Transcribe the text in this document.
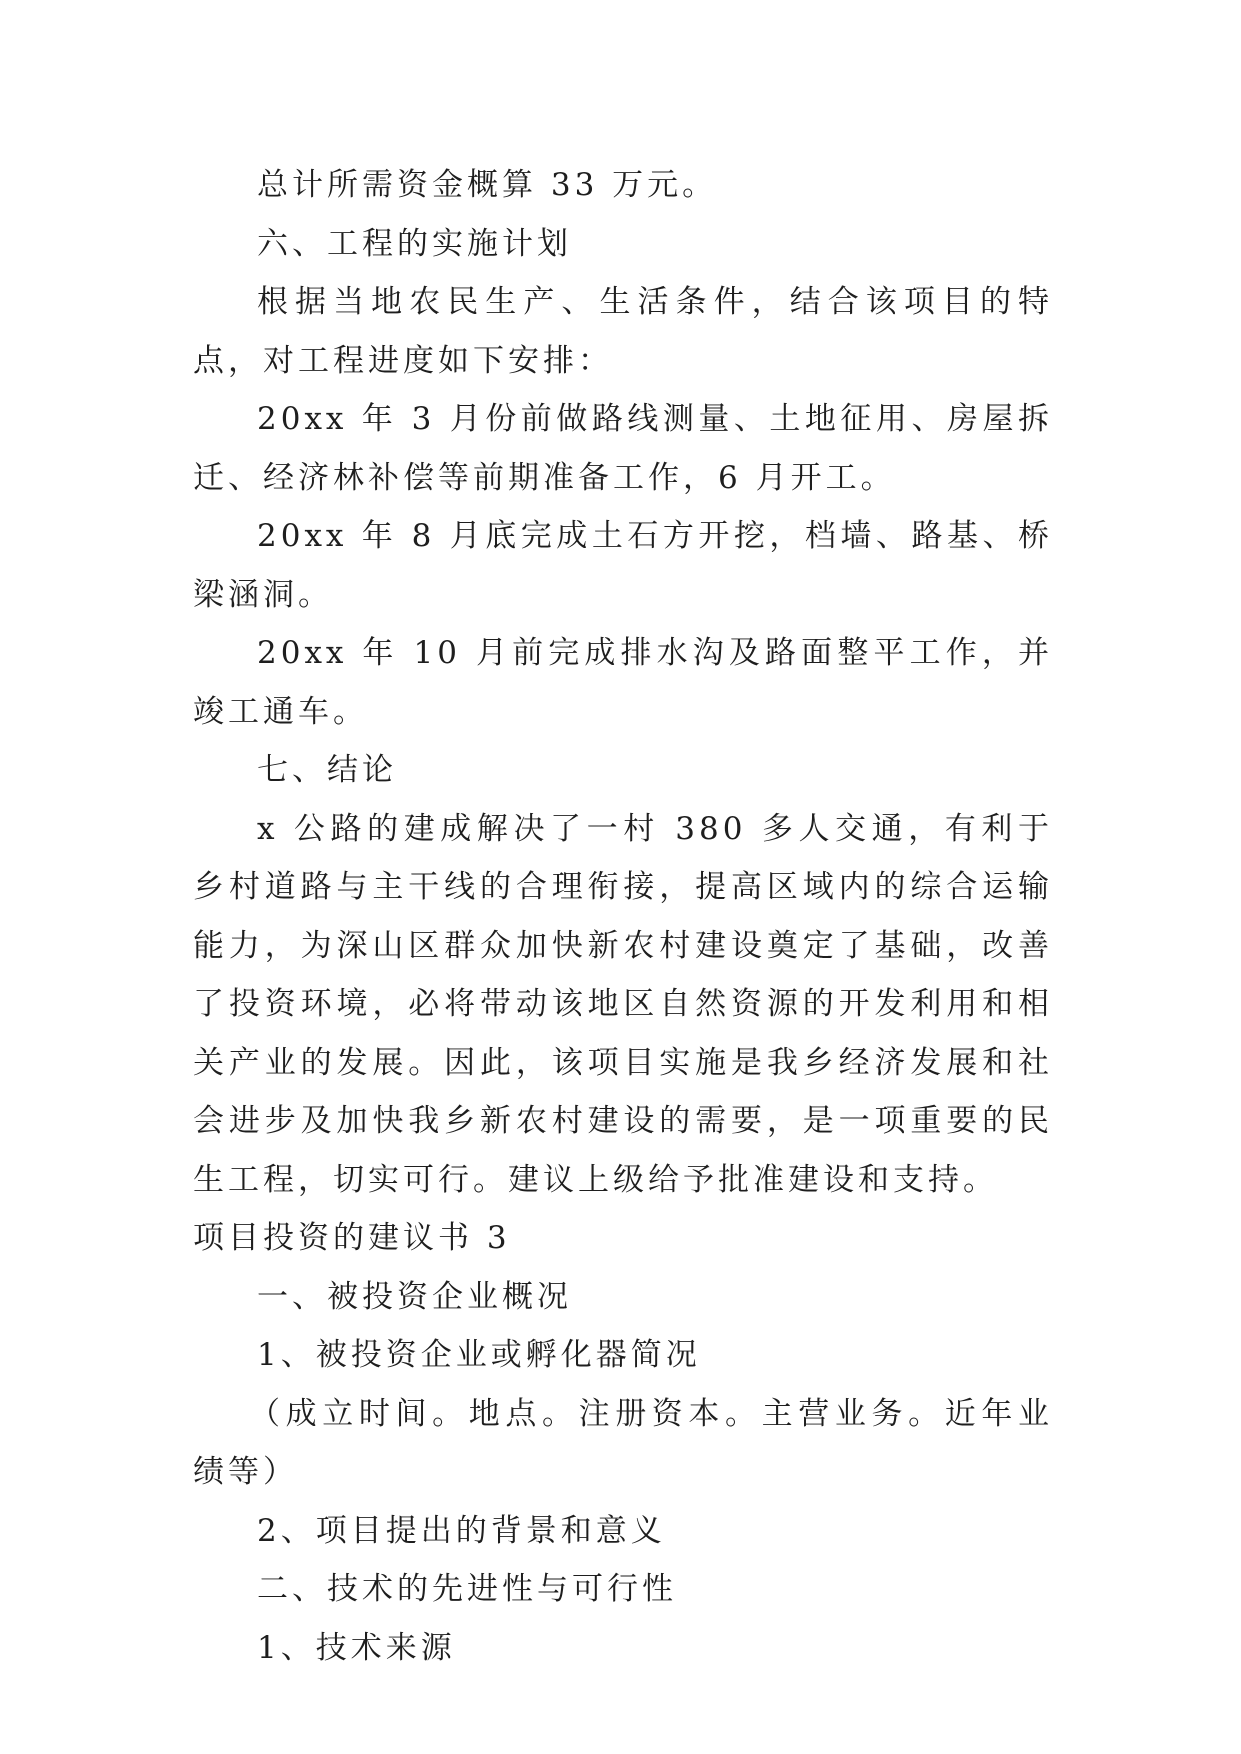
总计所需资金概算 33 万元。

六、工程的实施计划

根据当地农民生产、生活条件，结合该项目的特点，对工程进度如下安排：

20xx 年 3 月份前做路线测量、土地征用、房屋拆迁、经济林补偿等前期准备工作，6 月开工。

20xx 年 8 月底完成土石方开挖，档墙、路基、桥梁涵洞。

20xx 年 10 月前完成排水沟及路面整平工作，并竣工通车。

七、结论

x 公路的建成解决了一村 380 多人交通，有利于乡村道路与主干线的合理衔接，提高区域内的综合运输能力，为深山区群众加快新农村建设奠定了基础，改善了投资环境，必将带动该地区自然资源的开发利用和相关产业的发展。因此，该项目实施是我乡经济发展和社会进步及加快我乡新农村建设的需要，是一项重要的民生工程，切实可行。建议上级给予批准建设和支持。

项目投资的建议书 3

一、被投资企业概况

1、被投资企业或孵化器简况

（成立时间。地点。注册资本。主营业务。近年业绩等）

2、项目提出的背景和意义

二、技术的先进性与可行性

1、技术来源
